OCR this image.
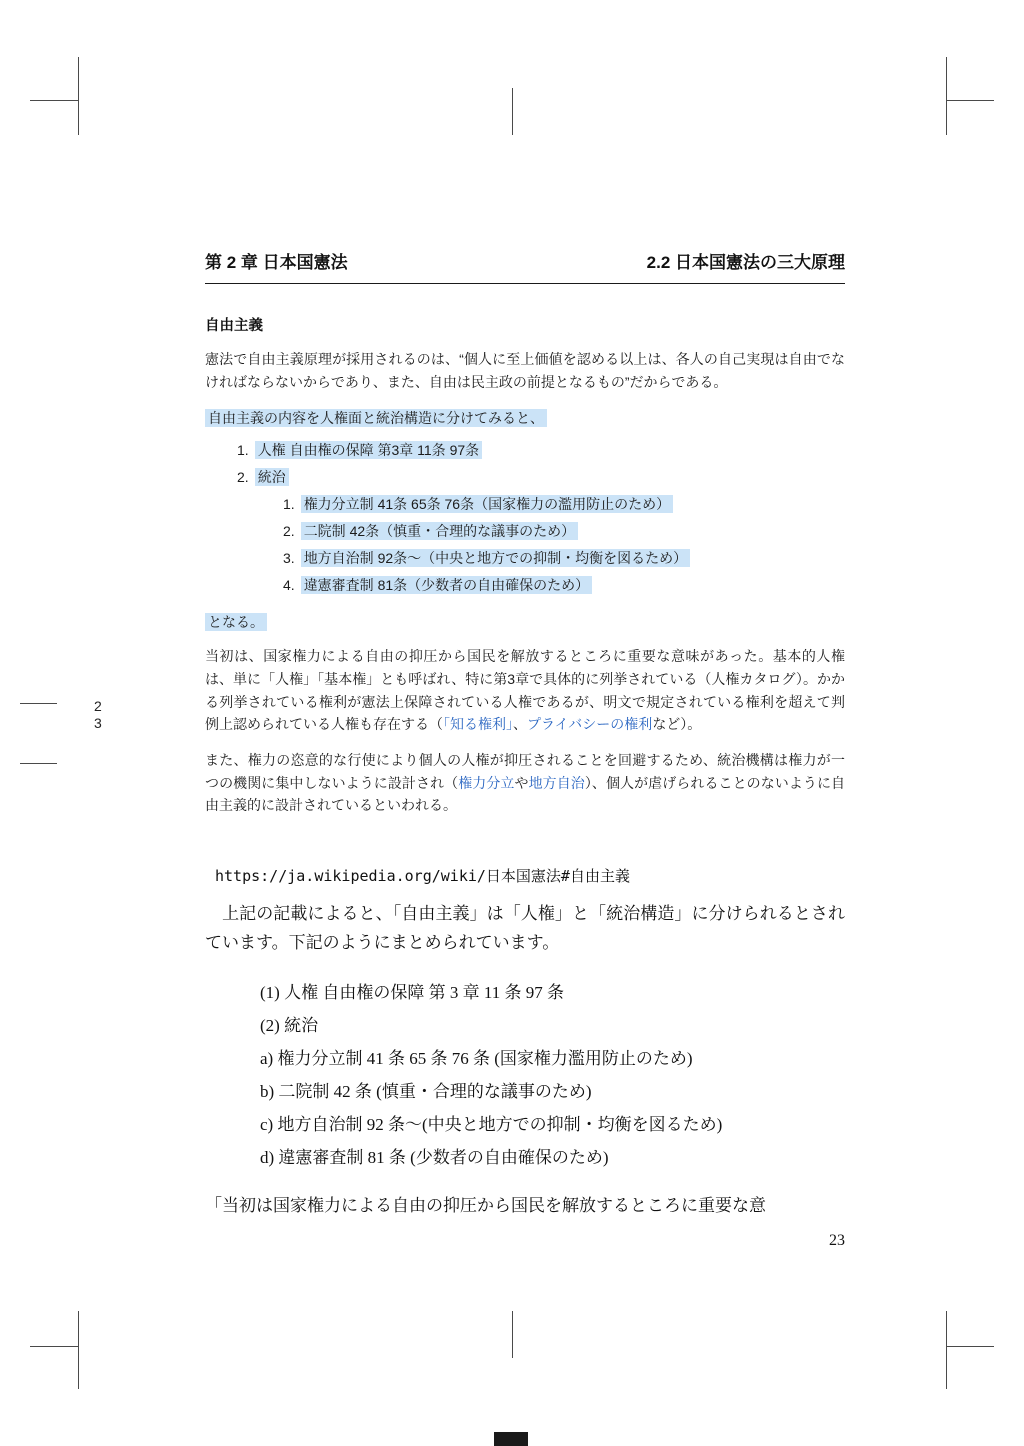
2
3
第 2 章 日本国憲法	2.2 日本国憲法の三大原理
自由主義

憲法で自由主義原理が採用されるのは、“個人に至上価値を認める以上は、各人の自己実現は自由でなければならないからであり、また、自由は民主政の前提となるもの”だからである。

自由主義の内容を人権面と統治構造に分けてみると、
1. 人権 自由権の保障 第3章 11条 97条
2. 統治
1. 権力分立制 41条 65条 76条（国家権力の濫用防止のため）
2. 二院制 42条（慎重・合理的な議事のため）
3. 地方自治制 92条〜（中央と地方での抑制・均衡を図るため）
4. 違憲審査制 81条（少数者の自由確保のため）
となる。

当初は、国家権力による自由の抑圧から国民を解放するところに重要な意味があった。基本的人権は、単に「人権」「基本権」とも呼ばれ、特に第3章で具体的に列挙されている（人権カタログ）。かかる列挙されている権利が憲法上保障されている人権であるが、明文で規定されている権利を超えて判例上認められている人権も存在する（「知る権利」、プライバシーの権利など）。

また、権力の恣意的な行使により個人の人権が抑圧されることを回避するため、統治機構は権力が一つの機関に集中しないように設計され（権力分立や地方自治）、個人が虐げられることのないように自由主義的に設計されているといわれる。

https://ja.wikipedia.org/wiki/日本国憲法#自由主義

　上記の記載によると、「自由主義」は「人権」と「統治構造」に分けられるとされています。下記のようにまとめられています。

(1) 人権 自由権の保障 第 3 章 11 条 97 条
(2) 統治
a) 権力分立制 41 条 65 条 76 条 (国家権力濫用防止のため)
b) 二院制 42 条 (慎重・合理的な議事のため)
c) 地方自治制 92 条〜(中央と地方での抑制・均衡を図るため)
d) 違憲審査制 81 条 (少数者の自由確保のため)

「当初は国家権力による自由の抑圧から国民を解放するところに重要な意

23
